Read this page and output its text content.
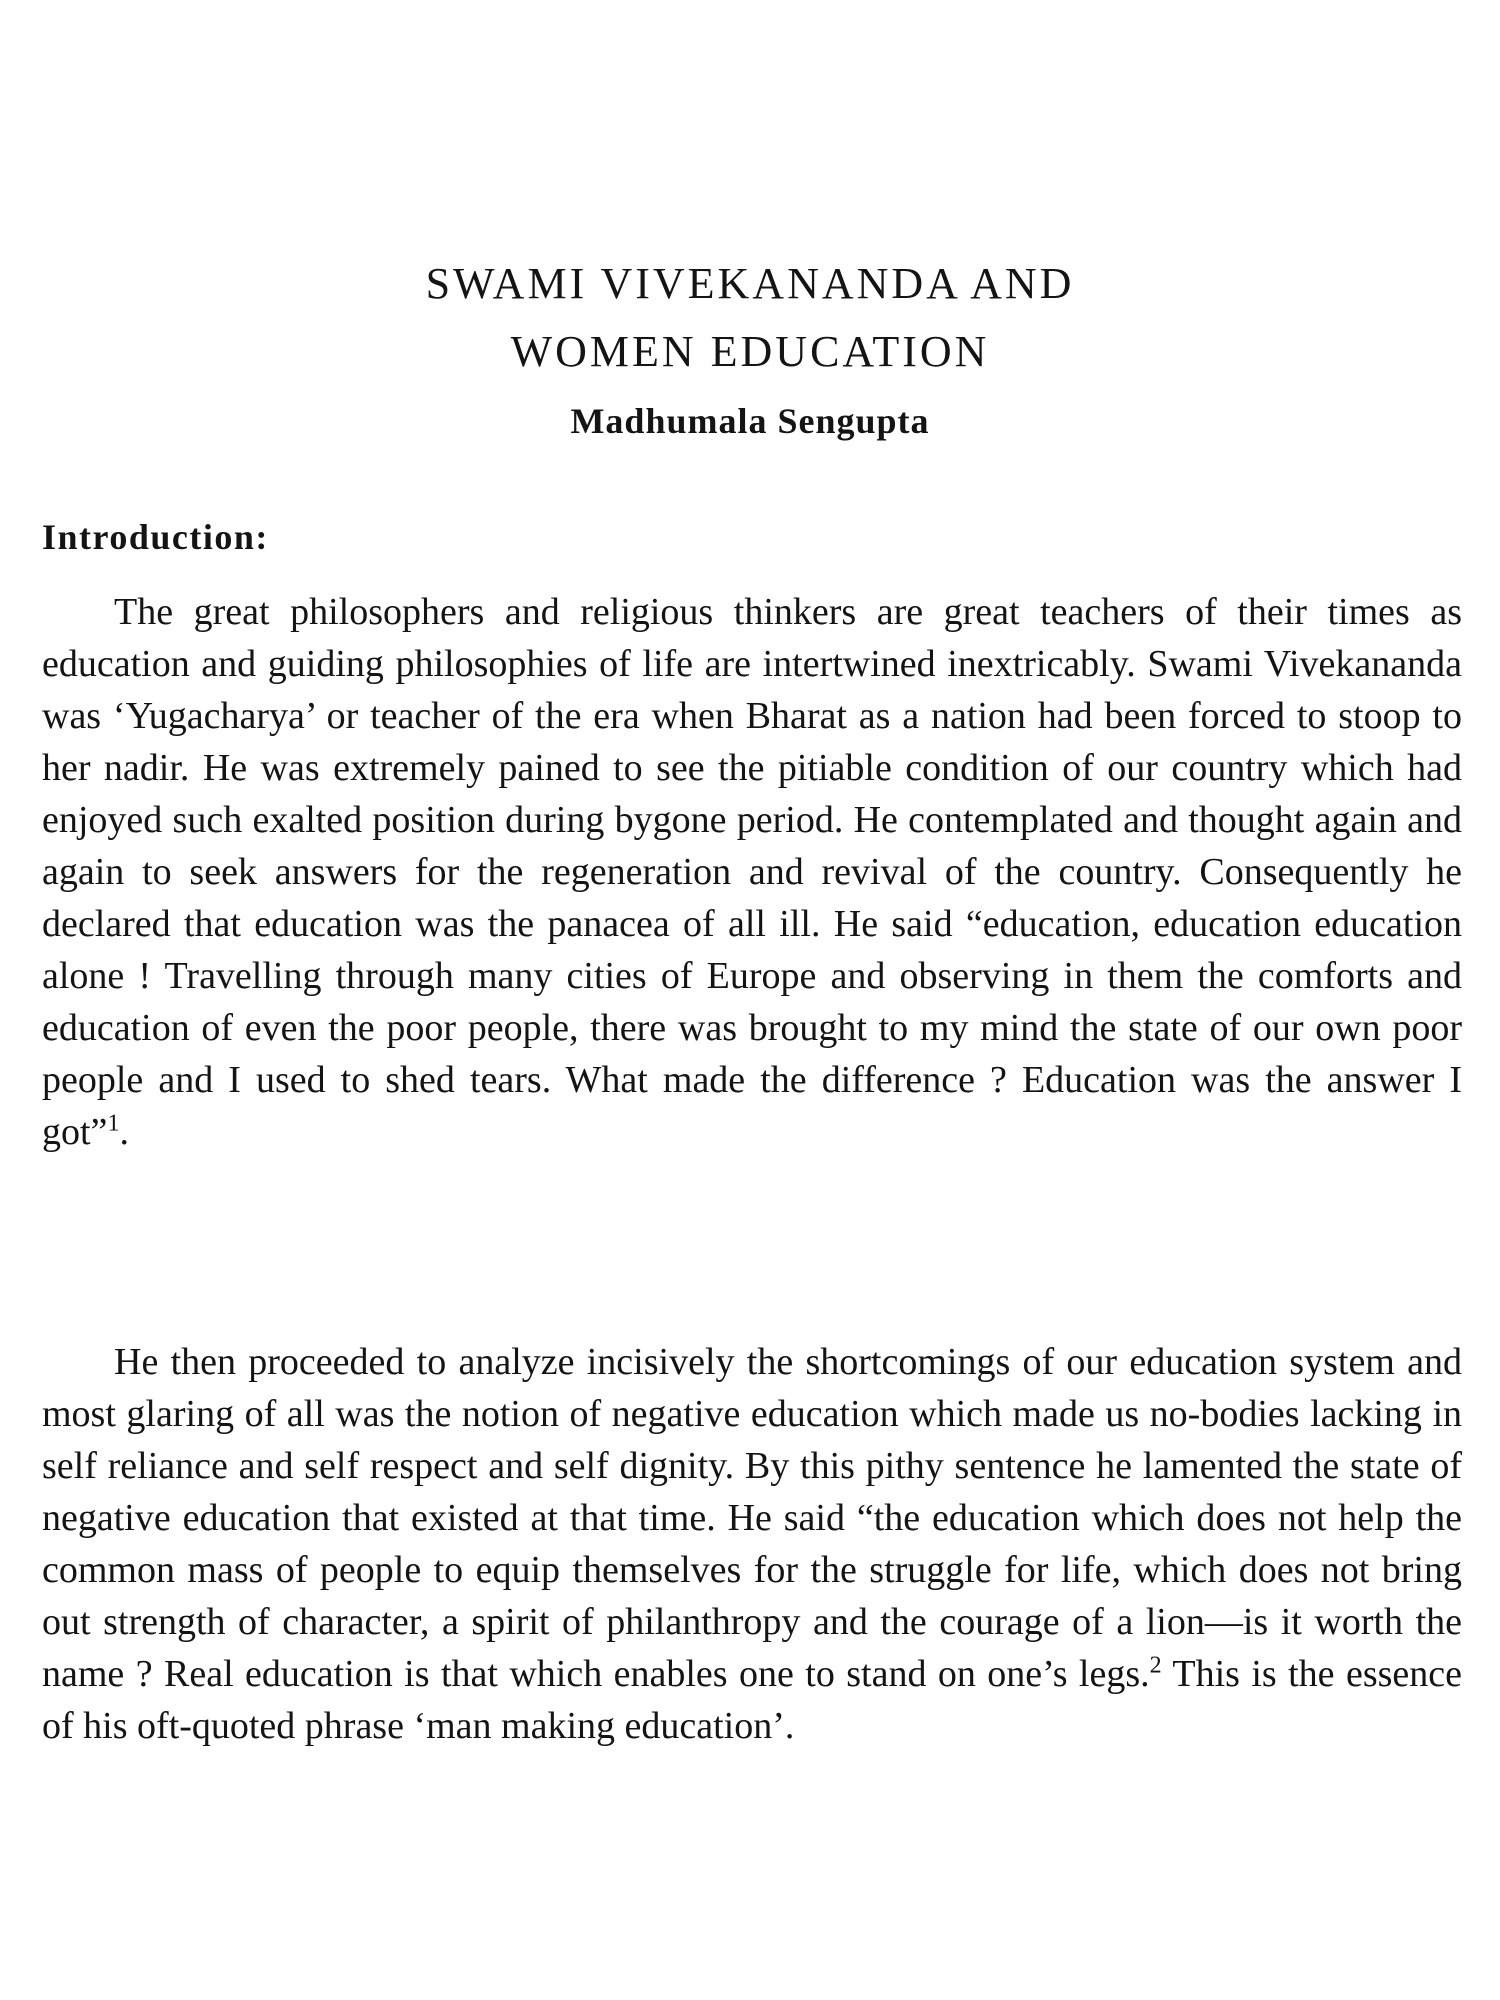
SWAMI VIVEKANANDA AND
WOMEN EDUCATION

Madhumala Sengupta

Introduction:

The great philosophers and religious thinkers are great teachers of their times as education and guiding philosophies of life are intertwined inextricably. Swami Vivekananda was ‘Yugacharya’ or teacher of the era when Bharat as a nation had been forced to stoop to her nadir. He was extremely pained to see the pitiable condition of our country which had enjoyed such exalted position during bygone period. He contemplated and thought again and again to seek answers for the regeneration and revival of the country. Consequently he declared that education was the panacea of all ill. He said “education, education education alone ! Travelling through many cities of Europe and observing in them the comforts and education of even the poor people, there was brought to my mind the state of our own poor people and I used to shed tears. What made the difference ? Education was the answer I got”$^1$.

He then proceeded to analyze incisively the shortcomings of our education system and most glaring of all was the notion of negative education which made us no-bodies lacking in self reliance and self respect and self dignity. By this pithy sentence he lamented the state of negative education that existed at that time. He said “the education which does not help the common mass of people to equip themselves for the struggle for life, which does not bring out strength of character, a spirit of philanthropy and the courage of a lion—is it worth the name ? Real education is that which enables one to stand on one’s legs.$^2$ This is the essence of his oft-quoted phrase ‘man making education’.
